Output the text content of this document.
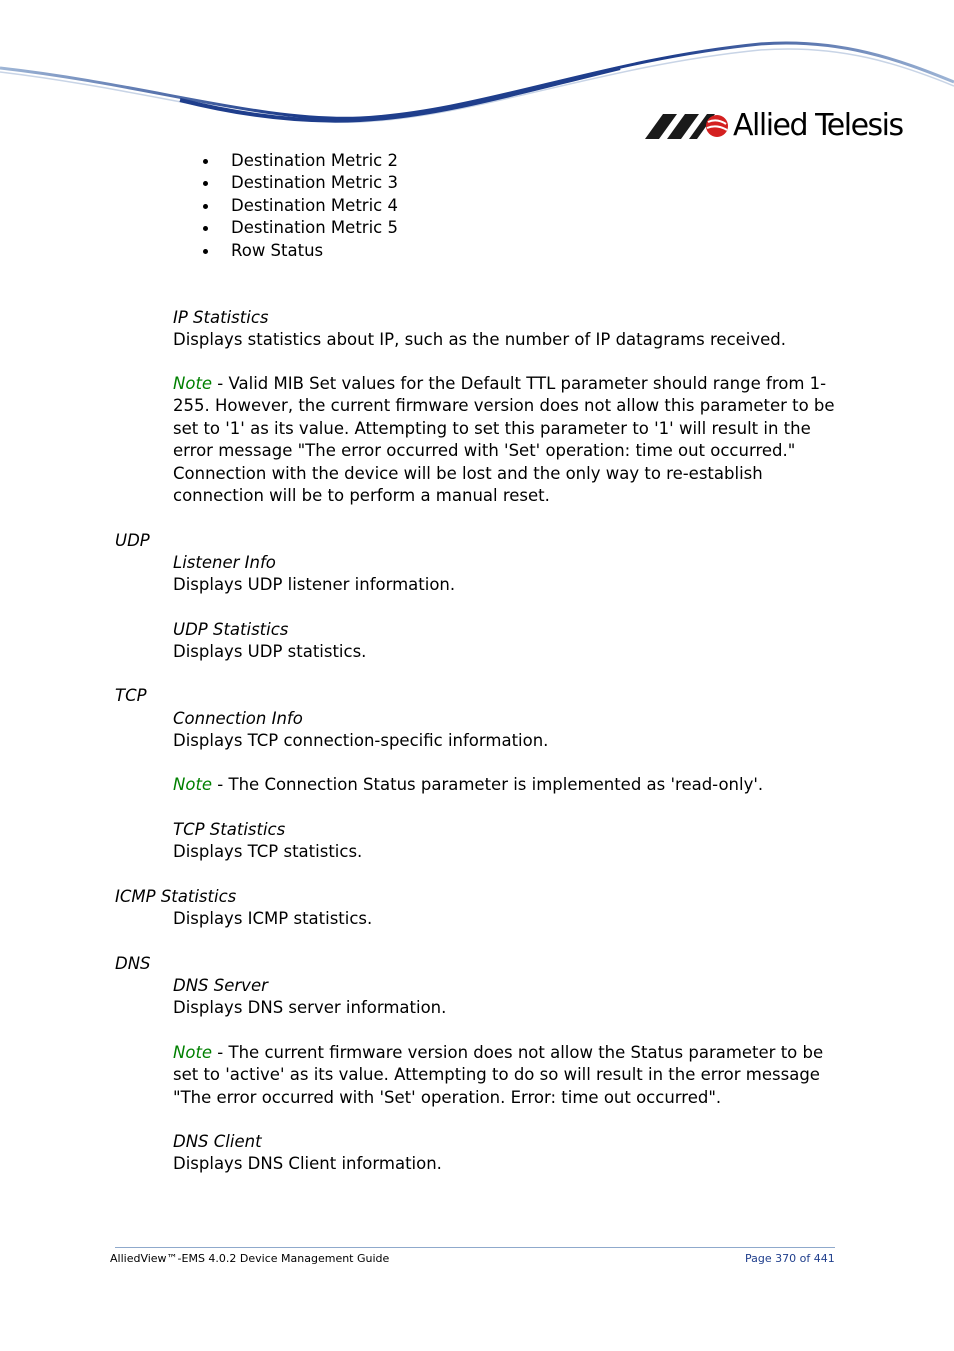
Allied Telesis
Destination Metric 2
Destination Metric 3
Destination Metric 4
Destination Metric 5
Row Status
IP Statistics
Displays statistics about IP, such as the number of IP datagrams received.
Note - Valid MIB Set values for the Default TTL parameter should range from 1-255. However, the current firmware version does not allow this parameter to be set to '1' as its value. Attempting to set this parameter to '1' will result in the error message "The error occurred with 'Set' operation: time out occurred." Connection with the device will be lost and the only way to re-establish connection will be to perform a manual reset.
UDP
Listener Info
Displays UDP listener information.
UDP Statistics
Displays UDP statistics.
TCP
Connection Info
Displays TCP connection-specific information.
Note - The Connection Status parameter is implemented as 'read-only'.
TCP Statistics
Displays TCP statistics.
ICMP Statistics
Displays ICMP statistics.
DNS
DNS Server
Displays DNS server information.
Note - The current firmware version does not allow the Status parameter to be set to 'active' as its value. Attempting to do so will result in the error message "The error occurred with 'Set' operation. Error: time out occurred".
DNS Client
Displays DNS Client information.
AlliedView™-EMS 4.0.2 Device Management Guide	Page 370 of 441
